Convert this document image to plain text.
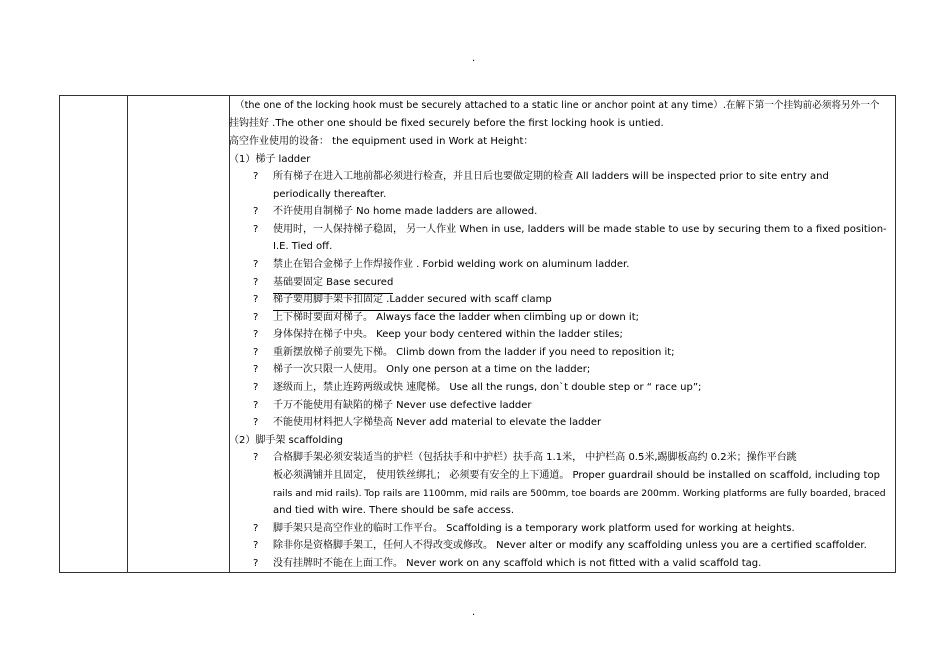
.
（the one of the locking hook must be securely attached to a static line or anchor point at any time）.在解下第一个挂钩前必须将另外一个
挂钩挂好 .The other one should be fixed securely before the first locking hook is untied.
高空作业使用的设备： the equipment used in Work at Height：
（1）梯子 ladder
? 所有梯子在进入工地前都必须进行检查，并且日后也要做定期的检查 All ladders will be inspected prior to site entry and
periodically thereafter.
? 不许使用自制梯子 No home made ladders are allowed.
? 使用时，一人保持梯子稳固， 另一人作业 When in use, ladders will be made stable to use by securing them to a fixed position-
I.E. Tied off.
? 禁止在铝合金梯子上作焊接作业 . Forbid welding work on aluminum ladder.
? 基础要固定 Base secured
? 梯子要用脚手架卡扣固定 .Ladder secured with scaff clamp
? 上下梯时要面对梯子。 Always face the ladder when climbing up or down it;
? 身体保持在梯子中央。 Keep your body centered within the ladder stiles;
? 重新摆放梯子前要先下梯。 Climb down from the ladder if you need to reposition it;
? 梯子一次只限一人使用。 Only one person at a time on the ladder;
? 逐级而上，禁止连跨两级或快 速爬梯。 Use all the rungs, don`t double step or “ race up”;
? 千万不能使用有缺陷的梯子 Never use defective ladder
? 不能使用材料把人字梯垫高 Never add material to elevate the ladder
（2）脚手架 scaffolding
? 合格脚手架必须安装适当的护栏（包括扶手和中护栏）扶手高 1.1米， 中护栏高 0.5米,踢脚板高约 0.2米；操作平台跳
板必须满铺并且固定， 使用铁丝绑扎； 必须要有安全的上下通道。 Proper guardrail should be installed on scaffold, including top
rails and mid rails). Top rails are 1100mm, mid rails are 500mm, toe boards are 200mm. Working platforms are fully boarded, braced
and tied with wire. There should be safe access.
? 脚手架只是高空作业的临时工作平台。 Scaffolding is a temporary work platform used for working at heights.
? 除非你是资格脚手架工，任何人不得改变或修改。 Never alter or modify any scaffolding unless you are a certified scaffolder.
? 没有挂牌时不能在上面工作。 Never work on any scaffold which is not fitted with a valid scaffold tag.
.
